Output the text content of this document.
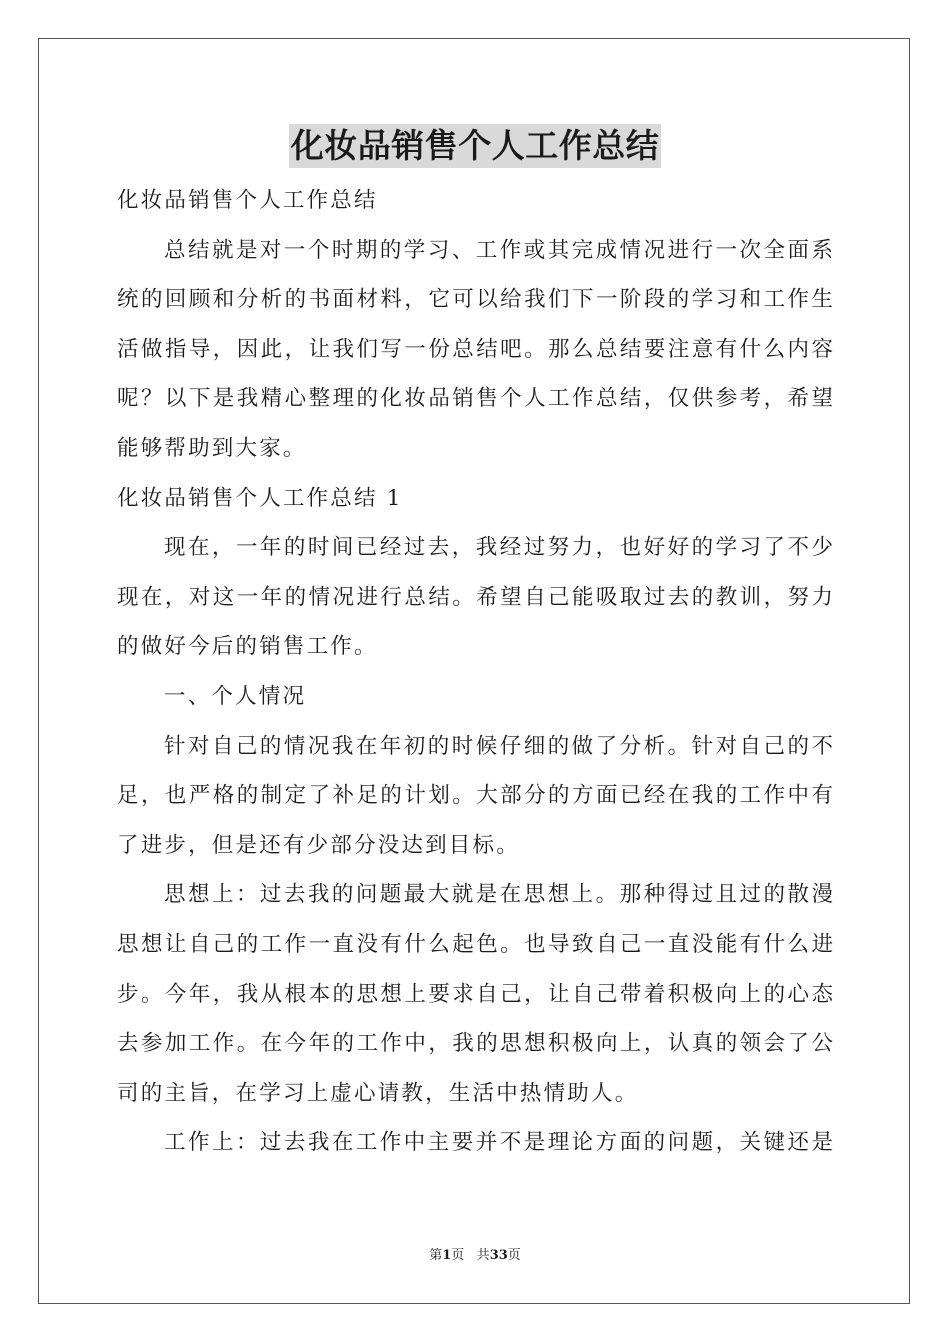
化妆品销售个人工作总结
化妆品销售个人工作总结
总结就是对一个时期的学习、工作或其完成情况进行一次全面系
统的回顾和分析的书面材料，它可以给我们下一阶段的学习和工作生
活做指导，因此，让我们写一份总结吧。那么总结要注意有什么内容
呢？以下是我精心整理的化妆品销售个人工作总结，仅供参考，希望
能够帮助到大家。
化妆品销售个人工作总结 1
现在，一年的时间已经过去，我经过努力，也好好的学习了不少
现在，对这一年的情况进行总结。希望自己能吸取过去的教训，努力
的做好今后的销售工作。
一、个人情况
针对自己的情况我在年初的时候仔细的做了分析。针对自己的不
足，也严格的制定了补足的计划。大部分的方面已经在我的工作中有
了进步，但是还有少部分没达到目标。
思想上：过去我的问题最大就是在思想上。那种得过且过的散漫
思想让自己的工作一直没有什么起色。也导致自己一直没能有什么进
步。今年，我从根本的思想上要求自己，让自己带着积极向上的心态
去参加工作。在今年的工作中，我的思想积极向上，认真的领会了公
司的主旨，在学习上虚心请教，生活中热情助人。
工作上：过去我在工作中主要并不是理论方面的问题，关键还是
第1页 共33页
